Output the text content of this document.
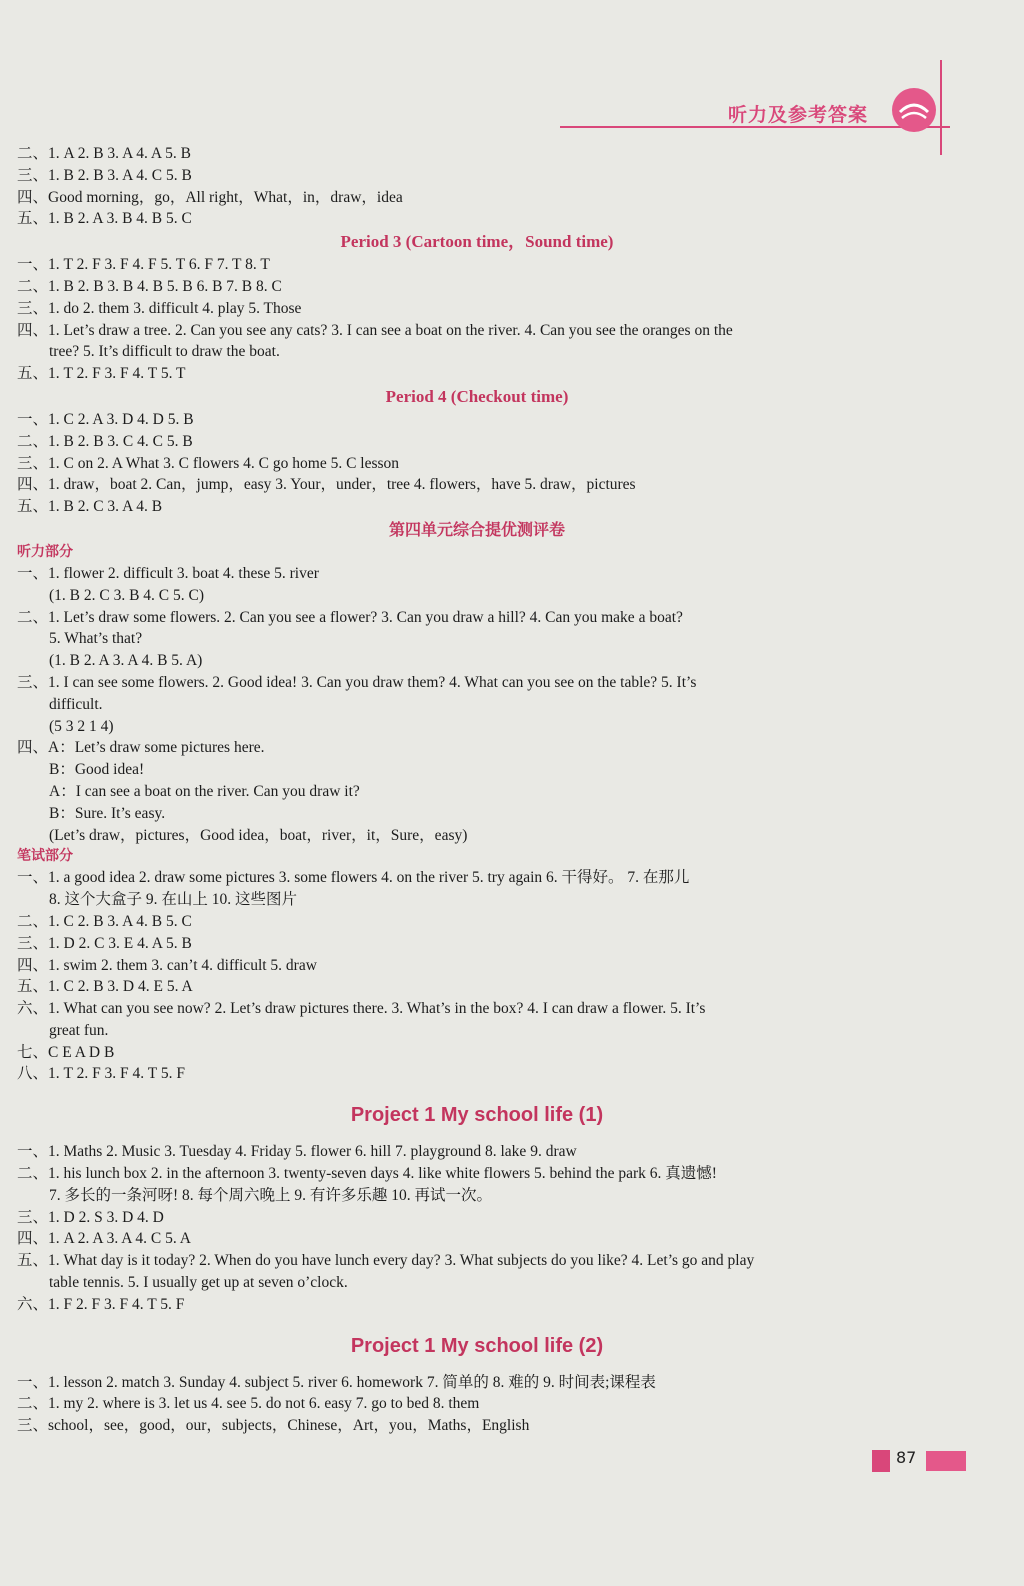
听力及参考答案
二、1. A 2. B 3. A 4. A 5. B
三、1. B 2. B 3. A 4. C 5. B
四、Good morning，go，All right，What，in，draw，idea
五、1. B 2. A 3. B 4. B 5. C
Period 3 (Cartoon time，Sound time)
一、1. T 2. F 3. F 4. F 5. T 6. F 7. T 8. T
二、1. B 2. B 3. B 4. B 5. B 6. B 7. B 8. C
三、1. do 2. them 3. difficult 4. play 5. Those
四、1. Let’s draw a tree. 2. Can you see any cats? 3. I can see a boat on the river. 4. Can you see the oranges on the
tree? 5. It’s difficult to draw the boat.
五、1. T 2. F 3. F 4. T 5. T
Period 4 (Checkout time)
一、1. C 2. A 3. D 4. D 5. B
二、1. B 2. B 3. C 4. C 5. B
三、1. C on 2. A What 3. C flowers 4. C go home 5. C lesson
四、1. draw，boat 2. Can，jump，easy 3. Your，under，tree 4. flowers，have 5. draw，pictures
五、1. B 2. C 3. A 4. B
第四单元综合提优测评卷
听力部分
一、1. flower 2. difficult 3. boat 4. these 5. river
(1. B 2. C 3. B 4. C 5. C)
二、1. Let’s draw some flowers. 2. Can you see a flower? 3. Can you draw a hill? 4. Can you make a boat?
5. What’s that?
(1. B 2. A 3. A 4. B 5. A)
三、1. I can see some flowers. 2. Good idea! 3. Can you draw them? 4. What can you see on the table? 5. It’s
difficult.
(5 3 2 1 4)
四、A：Let’s draw some pictures here.
B：Good idea!
A：I can see a boat on the river. Can you draw it?
B：Sure. It’s easy.
(Let’s draw，pictures，Good idea，boat，river，it，Sure，easy)
笔试部分
一、1. a good idea 2. draw some pictures 3. some flowers 4. on the river 5. try again 6. 干得好。 7. 在那儿
8. 这个大盒子 9. 在山上 10. 这些图片
二、1. C 2. B 3. A 4. B 5. C
三、1. D 2. C 3. E 4. A 5. B
四、1. swim 2. them 3. can’t 4. difficult 5. draw
五、1. C 2. B 3. D 4. E 5. A
六、1. What can you see now? 2. Let’s draw pictures there. 3. What’s in the box? 4. I can draw a flower. 5. It’s
great fun.
七、C E A D B
八、1. T 2. F 3. F 4. T 5. F
Project 1 My school life (1)
一、1. Maths 2. Music 3. Tuesday 4. Friday 5. flower 6. hill 7. playground 8. lake 9. draw
二、1. his lunch box 2. in the afternoon 3. twenty-seven days 4. like white flowers 5. behind the park 6. 真遗憾!
7. 多长的一条河呀! 8. 每个周六晚上 9. 有许多乐趣 10. 再试一次。
三、1. D 2. S 3. D 4. D
四、1. A 2. A 3. A 4. C 5. A
五、1. What day is it today? 2. When do you have lunch every day? 3. What subjects do you like? 4. Let’s go and play
table tennis. 5. I usually get up at seven o’clock.
六、1. F 2. F 3. F 4. T 5. F
Project 1 My school life (2)
一、1. lesson 2. match 3. Sunday 4. subject 5. river 6. homework 7. 简单的 8. 难的 9. 时间表;课程表
二、1. my 2. where is 3. let us 4. see 5. do not 6. easy 7. go to bed 8. them
三、school，see，good，our，subjects，Chinese，Art，you，Maths，English
87
